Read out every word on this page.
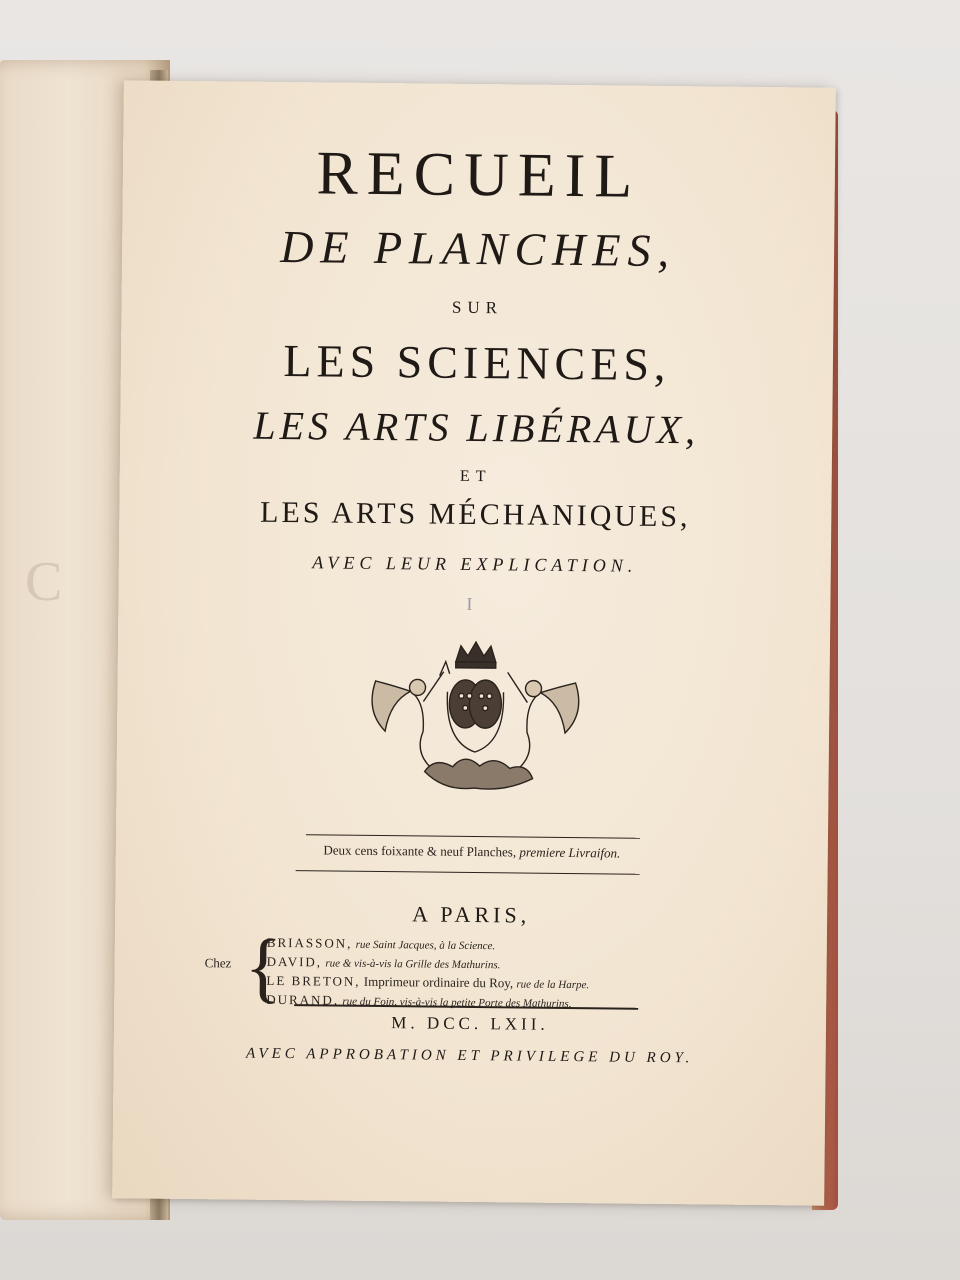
C
RECUEIL
DE PLANCHES,
SUR
LES SCIENCES,
LES ARTS LIBÉRAUX,
ET
LES ARTS MÉCHANIQUES,
AVEC LEUR EXPLICATION.
I
Deux cens foixante & neuf Planches, premiere Livraifon.
A PARIS,
Chez {
BRIASSON, rue Saint Jacques, à la Science.
DAVID, rue & vis-à-vis la Grille des Mathurins.
LE BRETON, Imprimeur ordinaire du Roy, rue de la Harpe.
DURAND, rue du Foin, vis-à-vis la petite Porte des Mathurins.
M. DCC. LXII.
AVEC APPROBATION ET PRIVILEGE DU ROY.
